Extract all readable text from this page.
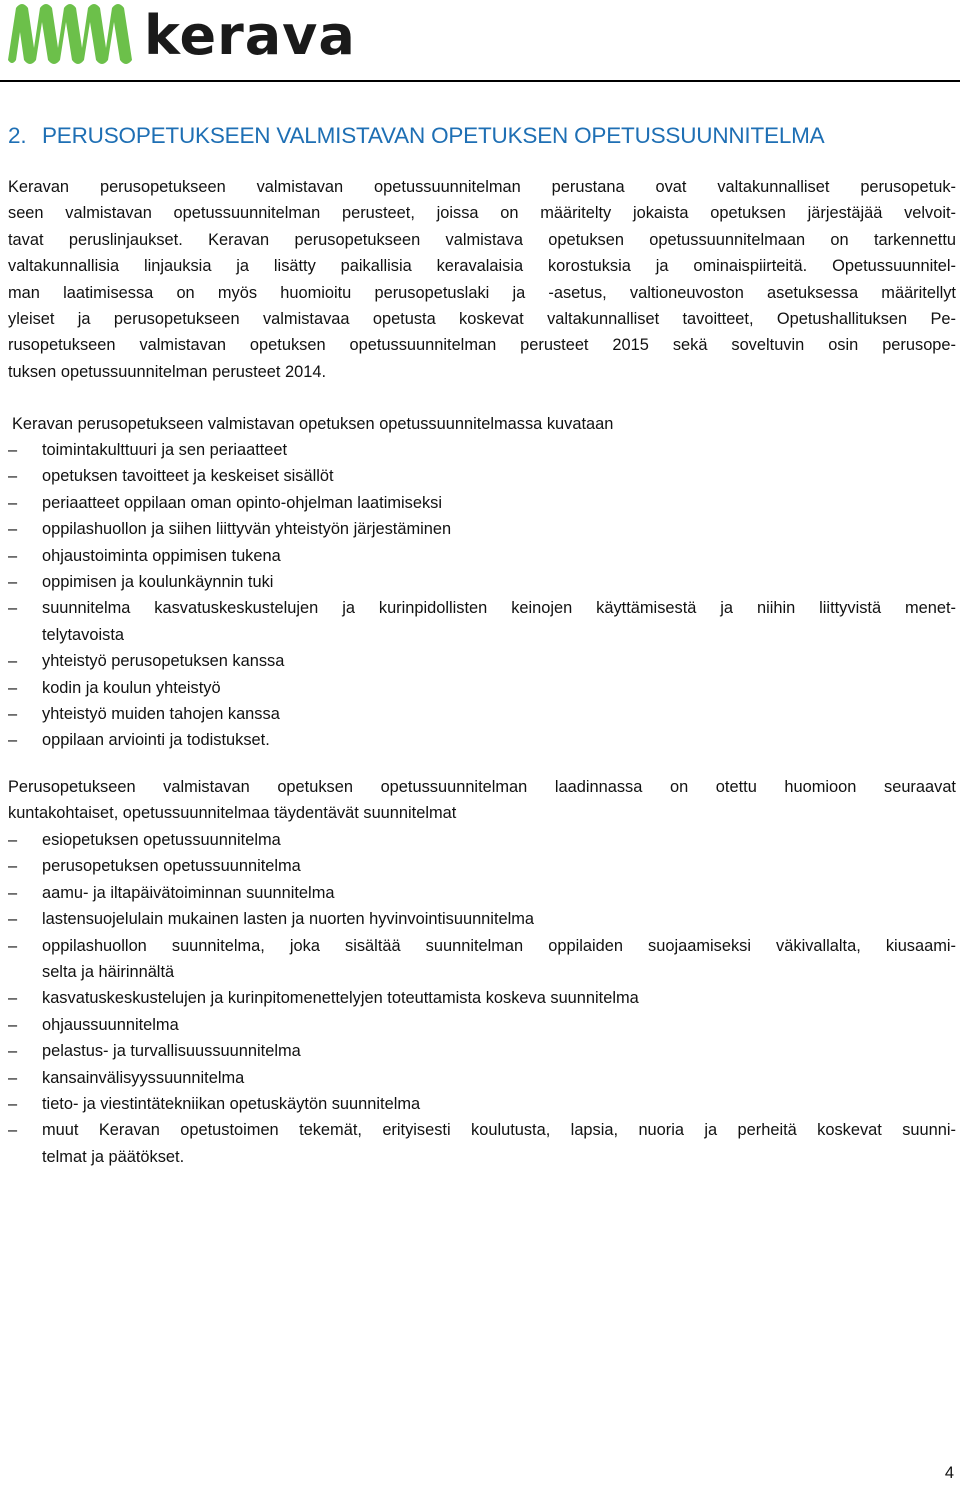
kerava
2. PERUSOPETUKSEEN VALMISTAVAN OPETUKSEN OPETUSSUUNNITELMA
Keravan perusopetukseen valmistavan opetussuunnitelman perustana ovat valtakunnalliset perusopetuk-
seen valmistavan opetussuunnitelman perusteet, joissa on määritelty jokaista opetuksen järjestäjää velvoit-
tavat peruslinjaukset. Keravan perusopetukseen valmistava opetuksen opetussuunnitelmaan on tarkennettu
valtakunnallisia linjauksia ja lisätty paikallisia keravalaisia korostuksia ja ominaispiirteitä. Opetussuunnitel-
man laatimisessa on myös huomioitu perusopetuslaki ja -asetus, valtioneuvoston asetuksessa määritellyt
yleiset ja perusopetukseen valmistavaa opetusta koskevat valtakunnalliset tavoitteet, Opetushallituksen Pe-
rusopetukseen valmistavan opetuksen opetussuunnitelman perusteet 2015 sekä soveltuvin osin perusope-
tuksen opetussuunnitelman perusteet 2014.
Keravan perusopetukseen valmistavan opetuksen opetussuunnitelmassa kuvataan
– toimintakulttuuri ja sen periaatteet
– opetuksen tavoitteet ja keskeiset sisällöt
– periaatteet oppilaan oman opinto-ohjelman laatimiseksi
– oppilashuollon ja siihen liittyvän yhteistyön järjestäminen
– ohjaustoiminta oppimisen tukena
– oppimisen ja koulunkäynnin tuki
– suunnitelma kasvatuskeskustelujen ja kurinpidollisten keinojen käyttämisestä ja niihin liittyvistä menet-
telytavoista
– yhteistyö perusopetuksen kanssa
– kodin ja koulun yhteistyö
– yhteistyö muiden tahojen kanssa
– oppilaan arviointi ja todistukset.
Perusopetukseen valmistavan opetuksen opetussuunnitelman laadinnassa on otettu huomioon seuraavat
kuntakohtaiset, opetussuunnitelmaa täydentävät suunnitelmat
– esiopetuksen opetussuunnitelma
– perusopetuksen opetussuunnitelma
– aamu- ja iltapäivätoiminnan suunnitelma
– lastensuojelulain mukainen lasten ja nuorten hyvinvointisuunnitelma
– oppilashuollon suunnitelma, joka sisältää suunnitelman oppilaiden suojaamiseksi väkivallalta, kiusaami-
selta ja häirinnältä
– kasvatuskeskustelujen ja kurinpitomenettelyjen toteuttamista koskeva suunnitelma
– ohjaussuunnitelma
– pelastus- ja turvallisuussuunnitelma
– kansainvälisyyssuunnitelma
– tieto- ja viestintätekniikan opetuskäytön suunnitelma
– muut Keravan opetustoimen tekemät, erityisesti koulutusta, lapsia, nuoria ja perheitä koskevat suunni-
telmat ja päätökset.
4
